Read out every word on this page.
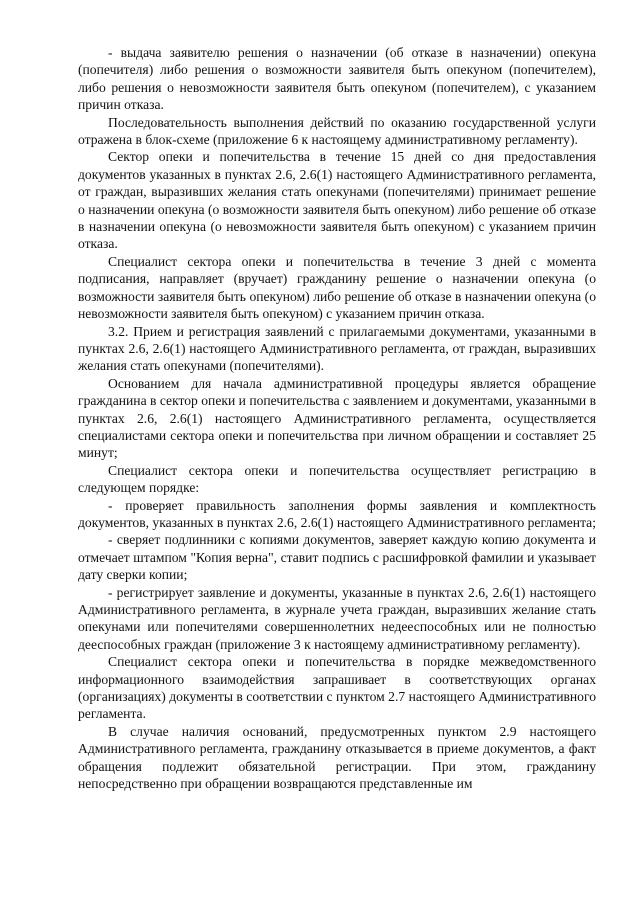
- выдача заявителю решения о назначении (об отказе в назначении) опекуна (попечителя) либо решения о возможности заявителя быть опекуном (попечителем), либо решения о невозможности заявителя быть опекуном (попечителем), с указанием причин отказа.

Последовательность выполнения действий по оказанию государственной услуги отражена в блок-схеме (приложение 6 к настоящему административному регламенту).

Сектор опеки и попечительства в течение 15 дней со дня предоставления документов указанных в пунктах 2.6, 2.6(1) настоящего Административного регламента, от граждан, выразивших желания стать опекунами (попечителями) принимает решение о назначении опекуна (о возможности заявителя быть опекуном) либо решение об отказе в назначении опекуна (о невозможности заявителя быть опекуном) с указанием причин отказа.

Специалист сектора опеки и попечительства в течение 3 дней с момента подписания, направляет (вручает) гражданину решение о назначении опекуна (о возможности заявителя быть опекуном) либо решение об отказе в назначении опекуна (о невозможности заявителя быть опекуном) с указанием причин отказа.

3.2. Прием и регистрация заявлений с прилагаемыми документами, указанными в пунктах 2.6, 2.6(1) настоящего Административного регламента, от граждан, выразивших желания стать опекунами (попечителями).

Основанием для начала административной процедуры является обращение гражданина в сектор опеки и попечительства с заявлением и документами, указанными в пунктах 2.6, 2.6(1) настоящего Административного регламента, осуществляется специалистами сектора опеки и попечительства при личном обращении и составляет 25 минут;

Специалист сектора опеки и попечительства осуществляет регистрацию в следующем порядке:

- проверяет правильность заполнения формы заявления и комплектность документов, указанных в пунктах 2.6, 2.6(1) настоящего Административного регламента;

- сверяет подлинники с копиями документов, заверяет каждую копию документа и отмечает штампом "Копия верна", ставит подпись с расшифровкой фамилии и указывает дату сверки копии;

- регистрирует заявление и документы, указанные в пунктах 2.6, 2.6(1) настоящего Административного регламента, в журнале учета граждан, выразивших желание стать опекунами или попечителями совершеннолетних недееспособных или не полностью дееспособных граждан (приложение 3 к настоящему административному регламенту).

Специалист сектора опеки и попечительства в порядке межведомственного информационного взаимодействия запрашивает в соответствующих органах (организациях) документы в соответствии с пунктом 2.7 настоящего Административного регламента.

В случае наличия оснований, предусмотренных пунктом 2.9 настоящего Административного регламента, гражданину отказывается в приеме документов, а факт обращения подлежит обязательной регистрации. При этом, гражданину непосредственно при обращении возвращаются представленные им
